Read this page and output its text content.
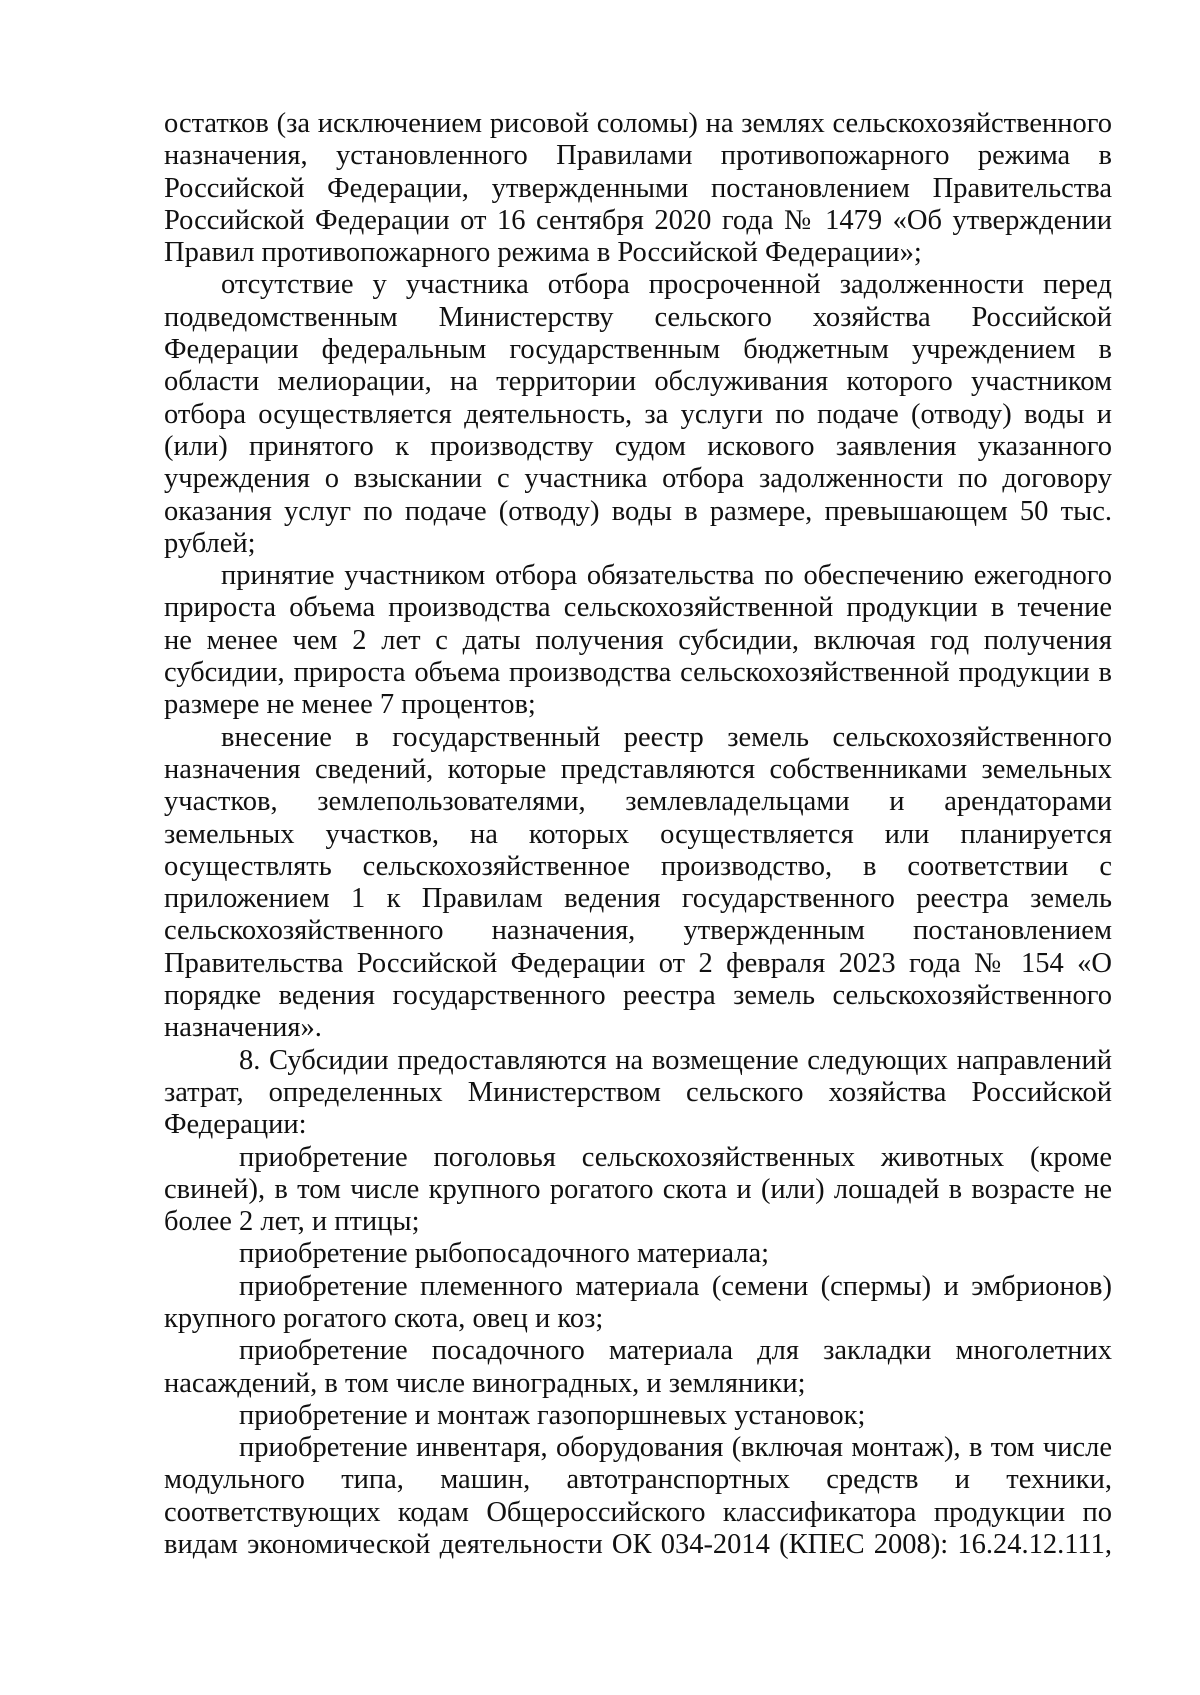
остатков (за исключением рисовой соломы) на землях сельскохозяйственного
назначения, установленного Правилами противопожарного режима в
Российской Федерации, утвержденными постановлением Правительства
Российской Федерации от 16 сентября 2020 года № 1479 «Об утверждении
Правил противопожарного режима в Российской Федерации»;
отсутствие у участника отбора просроченной задолженности перед
подведомственным Министерству сельского хозяйства Российской
Федерации федеральным государственным бюджетным учреждением в
области мелиорации, на территории обслуживания которого участником
отбора осуществляется деятельность, за услуги по подаче (отводу) воды и
(или) принятого к производству судом искового заявления указанного
учреждения о взыскании с участника отбора задолженности по договору
оказания услуг по подаче (отводу) воды в размере, превышающем 50 тыс.
рублей;
принятие участником отбора обязательства по обеспечению ежегодного
прироста объема производства сельскохозяйственной продукции в течение
не менее чем 2 лет с даты получения субсидии, включая год получения
субсидии, прироста объема производства сельскохозяйственной продукции в
размере не менее 7 процентов;
внесение в государственный реестр земель сельскохозяйственного
назначения сведений, которые представляются собственниками земельных
участков, землепользователями, землевладельцами и арендаторами
земельных участков, на которых осуществляется или планируется
осуществлять сельскохозяйственное производство, в соответствии с
приложением 1 к Правилам ведения государственного реестра земель
сельскохозяйственного назначения, утвержденным постановлением
Правительства Российской Федерации от 2 февраля 2023 года № 154 «О
порядке ведения государственного реестра земель сельскохозяйственного
назначения».
8. Субсидии предоставляются на возмещение следующих направлений
затрат, определенных Министерством сельского хозяйства Российской
Федерации:
приобретение поголовья сельскохозяйственных животных (кроме
свиней), в том числе крупного рогатого скота и (или) лошадей в возрасте не
более 2 лет, и птицы;
приобретение рыбопосадочного материала;
приобретение племенного материала (семени (спермы) и эмбрионов)
крупного рогатого скота, овец и коз;
приобретение посадочного материала для закладки многолетних
насаждений, в том числе виноградных, и земляники;
приобретение и монтаж газопоршневых установок;
приобретение инвентаря, оборудования (включая монтаж), в том числе
модульного типа, машин, автотранспортных средств и техники,
соответствующих кодам Общероссийского классификатора продукции по
видам экономической деятельности ОК 034-2014 (КПЕС 2008): 16.24.12.111,
